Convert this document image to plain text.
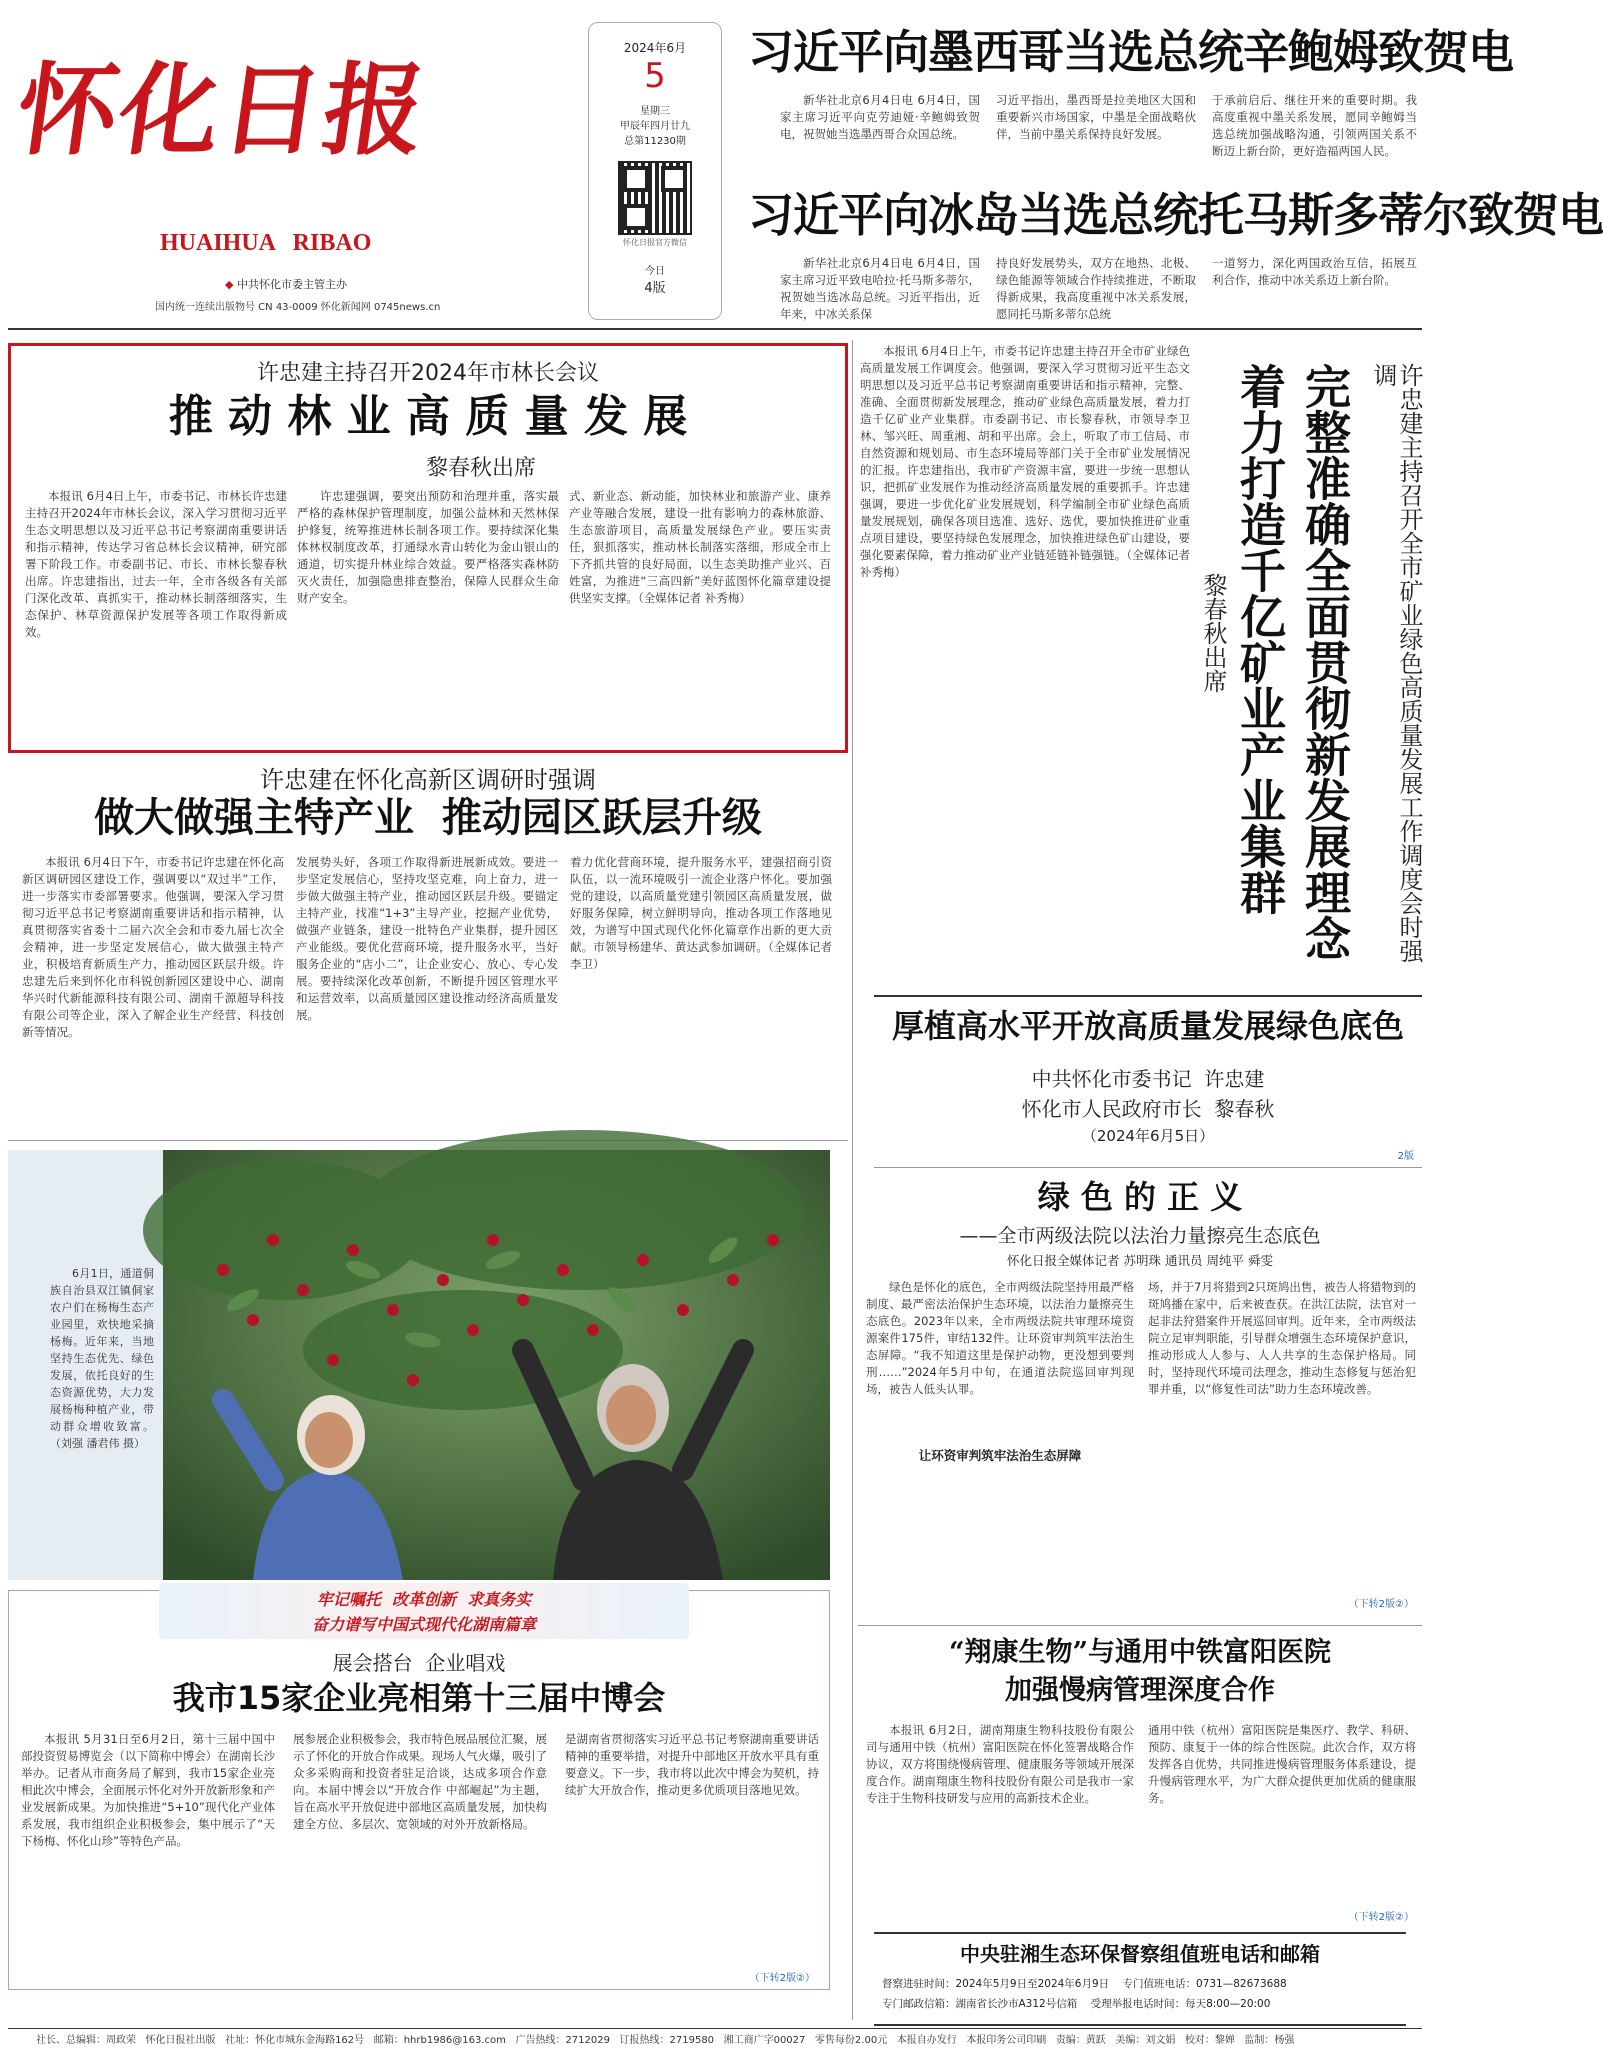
怀化日报
HUAIHUA   RIBAO
◆ 中共怀化市委主管主办
国内统一连续出版物号 CN 43-0009 怀化新闻网 0745news.cn
2024年6月
5
星期三
甲辰年四月廿九
总第11230期
怀化日报官方微信
今日
4版
习近平向墨西哥当选总统辛鲍姆致贺电

新华社北京6月4日电 6月4日，国家主席习近平向克劳迪娅·辛鲍姆致贺电，祝贺她当选墨西哥合众国总统。

习近平指出，墨西哥是拉美地区大国和重要新兴市场国家，中墨是全面战略伙伴，当前中墨关系保持良好发展。

于承前启后、继往开来的重要时期。我高度重视中墨关系发展，愿同辛鲍姆当选总统加强战略沟通，引领两国关系不断迈上新台阶，更好造福两国人民。

习近平向冰岛当选总统托马斯多蒂尔致贺电

新华社北京6月4日电 6月4日，国家主席习近平致电哈拉·托马斯多蒂尔，祝贺她当选冰岛总统。习近平指出，近年来，中冰关系保

持良好发展势头，双方在地热、北极、绿色能源等领域合作持续推进，不断取得新成果，我高度重视中冰关系发展，愿同托马斯多蒂尔总统

一道努力，深化两国政治互信，拓展互利合作，推动中冰关系迈上新台阶。

许忠建主持召开2024年市林长会议
推 动 林 业 高 质 量 发 展
黎春秋出席

本报讯 6月4日上午，市委书记、市林长许忠建主持召开2024年市林长会议，深入学习贯彻习近平生态文明思想以及习近平总书记考察湖南重要讲话和指示精神，传达学习省总林长会议精神，研究部署下阶段工作。市委副书记、市长、市林长黎春秋出席。许忠建指出，过去一年，全市各级各有关部门深化改革、真抓实干，推动林长制落细落实，生态保护、林草资源保护发展等各项工作取得新成效。

许忠建强调，要突出预防和治理并重，落实最严格的森林保护管理制度，加强公益林和天然林保护修复，统筹推进林长制各项工作。要持续深化集体林权制度改革，打通绿水青山转化为金山银山的通道，切实提升林业综合效益。要严格落实森林防灭火责任，加强隐患排查整治，保障人民群众生命财产安全。

式、新业态、新动能，加快林业和旅游产业、康养产业等融合发展，建设一批有影响力的森林旅游、生态旅游项目，高质量发展绿色产业。要压实责任，狠抓落实，推动林长制落实落细，形成全市上下齐抓共管的良好局面，以生态美助推产业兴、百姓富，为推进“三高四新”美好蓝图怀化篇章建设提供坚实支撑。（全媒体记者 补秀梅）

本报讯 6月4日上午，市委书记许忠建主持召开全市矿业绿色高质量发展工作调度会。他强调，要深入学习贯彻习近平生态文明思想以及习近平总书记考察湖南重要讲话和指示精神，完整、准确、全面贯彻新发展理念，推动矿业绿色高质量发展，着力打造千亿矿业产业集群。市委副书记、市长黎春秋，市领导李卫林、邹兴旺、周重湘、胡和平出席。会上，听取了市工信局、市自然资源和规划局、市生态环境局等部门关于全市矿业发展情况的汇报。许忠建指出，我市矿产资源丰富，要进一步统一思想认识，把抓矿业发展作为推动经济高质量发展的重要抓手。许忠建强调，要进一步优化矿业发展规划，科学编制全市矿业绿色高质量发展规划，确保各项目选准、选好、选优，要加快推进矿业重点项目建设，要坚持绿色发展理念，加快推进绿色矿山建设，要强化要素保障，着力推动矿业产业链延链补链强链。（全媒体记者 补秀梅）

黎春秋出席 着力打造千亿矿业产业集群 完整准确全面贯彻新发展理念	许忠建主持召开全市矿业绿色高质量发展工作调度会时强调
许忠建在怀化高新区调研时强调
做大做强主特产业  推动园区跃层升级

本报讯 6月4日下午，市委书记许忠建在怀化高新区调研园区建设工作，强调要以“双过半”工作，进一步落实市委部署要求。他强调，要深入学习贯彻习近平总书记考察湖南重要讲话和指示精神，认真贯彻落实省委十二届六次全会和市委九届七次全会精神，进一步坚定发展信心，做大做强主特产业，积极培育新质生产力，推动园区跃层升级。许忠建先后来到怀化市科锐创新园区建设中心、湖南华兴时代新能源科技有限公司、湖南千源超导科技有限公司等企业，深入了解企业生产经营、科技创新等情况。

发展势头好，各项工作取得新进展新成效。要进一步坚定发展信心，坚持攻坚克难，向上奋力，进一步做大做强主特产业，推动园区跃层升级。要锚定主特产业，找准“1+3”主导产业，挖掘产业优势，做强产业链条，建设一批特色产业集群，提升园区产业能级。要优化营商环境，提升服务水平，当好服务企业的“店小二”，让企业安心、放心、专心发展。要持续深化改革创新，不断提升园区管理水平和运营效率，以高质量园区建设推动经济高质量发展。

着力优化营商环境，提升服务水平，建强招商引资队伍，以一流环境吸引一流企业落户怀化。要加强党的建设，以高质量党建引领园区高质量发展，做好服务保障，树立鲜明导向，推动各项工作落地见效，为谱写中国式现代化怀化篇章作出新的更大贡献。市领导杨建华、黄达武参加调研。（全媒体记者 李卫）

厚植高水平开放高质量发展绿色底色
中共怀化市委书记  许忠建
怀化市人民政府市长  黎春秋
（2024年6月5日）
2版

6月1日，通道侗族自治县双江镇侗家农户们在杨梅生态产业园里，欢快地采摘杨梅。近年来，当地坚持生态优先、绿色发展，依托良好的生态资源优势，大力发展杨梅种植产业，带动群众增收致富。（刘强 潘君伟 摄）

绿 色 的 正 义
——全市两级法院以法治力量擦亮生态底色
怀化日报全媒体记者 苏明珠 通讯员 周纯平 舜雯

绿色是怀化的底色，全市两级法院坚持用最严格制度、最严密法治保护生态环境，以法治力量擦亮生态底色。2023年以来，全市两级法院共审理环境资源案件175件，审结132件。让环资审判筑牢法治生态屏障。“我不知道这里是保护动物，更没想到要判刑……”2024年5月中旬，在通道法院巡回审判现场，被告人低头认罪。

让环资审判筑牢法治生态屏障

场，并于7月将猎到2只斑鸠出售，被告人将猎物到的斑鸠播在家中，后来被查获。在洪江法院，法官对一起非法狩猎案件开展巡回审判。近年来，全市两级法院立足审判职能，引导群众增强生态环境保护意识，推动形成人人参与、人人共享的生态保护格局。同时，坚持现代环境司法理念，推动生态修复与惩治犯罪并重，以“修复性司法”助力生态环境改善。

（下转2版②）
牢记嘱托  改革创新  求真务实
奋力谱写中国式现代化湖南篇章
展会搭台  企业唱戏
我市15家企业亮相第十三届中博会

本报讯 5月31日至6月2日，第十三届中国中部投资贸易博览会（以下简称中博会）在湖南长沙举办。记者从市商务局了解到，我市15家企业亮相此次中博会，全面展示怀化对外开放新形象和产业发展新成果。为加快推进“5+10”现代化产业体系发展，我市组织企业积极参会，集中展示了“天下杨梅、怀化山珍”等特色产品。

展参展企业积极参会，我市特色展品展位汇聚，展示了怀化的开放合作成果。现场人气火爆，吸引了众多采购商和投资者驻足洽谈，达成多项合作意向。本届中博会以“开放合作 中部崛起”为主题，旨在高水平开放促进中部地区高质量发展，加快构建全方位、多层次、宽领域的对外开放新格局。

是湖南省贯彻落实习近平总书记考察湖南重要讲话精神的重要举措，对提升中部地区开放水平具有重要意义。下一步，我市将以此次中博会为契机，持续扩大开放合作，推动更多优质项目落地见效。

（下转2版②）
“翔康生物”与通用中铁富阳医院
加强慢病管理深度合作

本报讯 6月2日，湖南翔康生物科技股份有限公司与通用中铁（杭州）富阳医院在怀化签署战略合作协议，双方将围绕慢病管理、健康服务等领域开展深度合作。湖南翔康生物科技股份有限公司是我市一家专注于生物科技研发与应用的高新技术企业。

通用中铁（杭州）富阳医院是集医疗、教学、科研、预防、康复于一体的综合性医院。此次合作，双方将发挥各自优势，共同推进慢病管理服务体系建设，提升慢病管理水平，为广大群众提供更加优质的健康服务。

（下转2版②）
中央驻湘生态环保督察组值班电话和邮箱
督察进驻时间：2024年5月9日至2024年6月9日    专门值班电话：0731—82673688
专门邮政信箱：湖南省长沙市A312号信箱    受理举报电话时间：每天8:00—20:00
社长、总编辑：周政荣   怀化日报社出版   社址：怀化市城东金海路162号   邮箱：hhrb1986@163.com   广告热线：2712029   订报热线：2719580   湘工商广字00027   零售每份2.00元   本报自办发行   本报印务公司印刷   责编：黄跃   美编：刘文娟   校对：黎婵   监制：杨强
